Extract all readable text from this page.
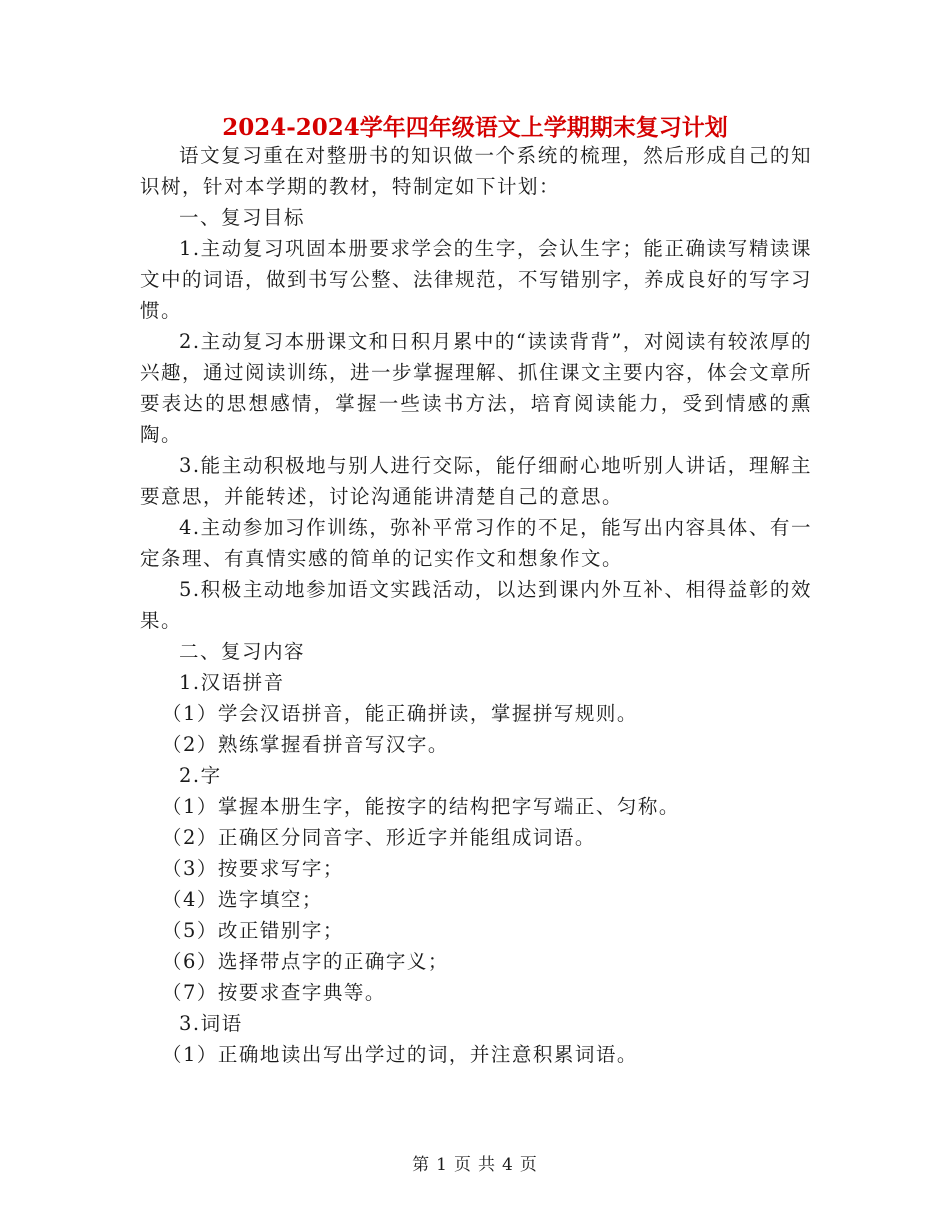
2024-2024学年四年级语文上学期期末复习计划

语文复习重在对整册书的知识做一个系统的梳理，然后形成自己的知识树，针对本学期的教材，特制定如下计划：

一、复习目标

1.主动复习巩固本册要求学会的生字，会认生字；能正确读写精读课文中的词语，做到书写公整、法律规范，不写错别字，养成良好的写字习惯。

2.主动复习本册课文和日积月累中的“读读背背”，对阅读有较浓厚的兴趣，通过阅读训练，进一步掌握理解、抓住课文主要内容，体会文章所要表达的思想感情，掌握一些读书方法，培育阅读能力，受到情感的熏陶。

3.能主动积极地与别人进行交际，能仔细耐心地听别人讲话，理解主要意思，并能转述，讨论沟通能讲清楚自己的意思。

4.主动参加习作训练，弥补平常习作的不足，能写出内容具体、有一定条理、有真情实感的简单的记实作文和想象作文。

5.积极主动地参加语文实践活动，以达到课内外互补、相得益彰的效果。

二、复习内容

1.汉语拼音

（1）学会汉语拼音，能正确拼读，掌握拼写规则。

（2）熟练掌握看拼音写汉字。

2.字

（1）掌握本册生字，能按字的结构把字写端正、匀称。

（2）正确区分同音字、形近字并能组成词语。

（3）按要求写字；

（4）选字填空；

（5）改正错别字；

（6）选择带点字的正确字义；

（7）按要求查字典等。

3.词语

（1）正确地读出写出学过的词，并注意积累词语。

第 1 页 共 4 页
